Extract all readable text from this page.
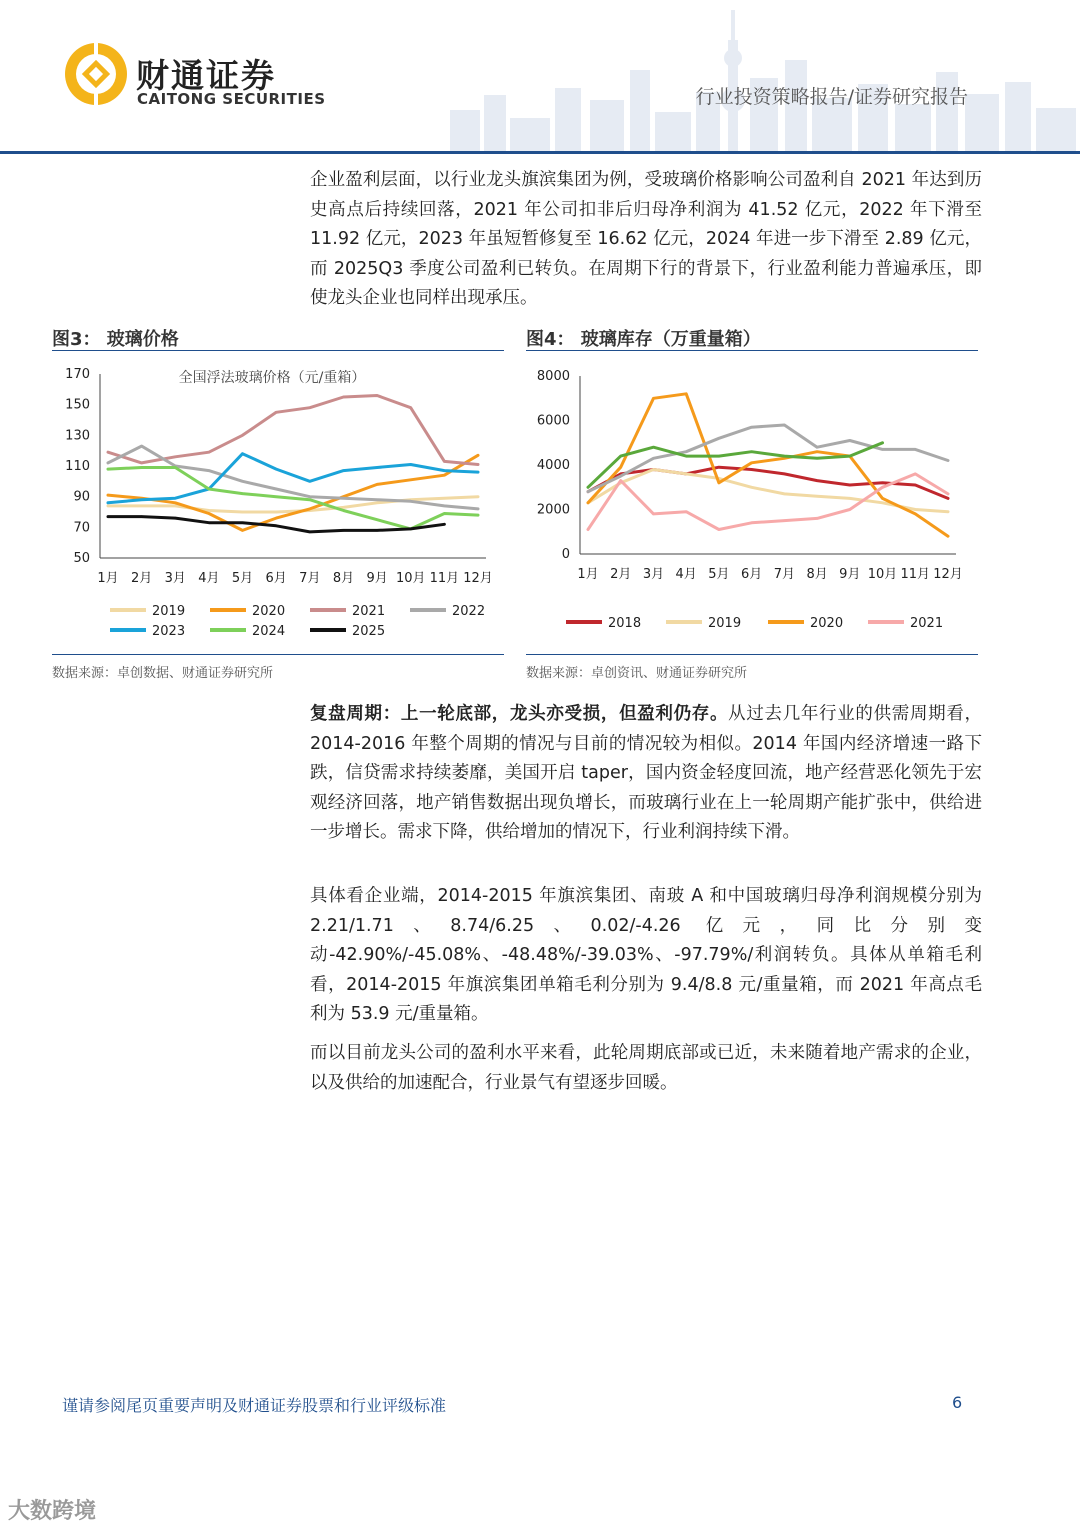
财通证券
CAITONG SECURITIES	行业投资策略报告/证券研究报告
企业盈利层面，以行业龙头旗滨集团为例，受玻璃价格影响公司盈利自 2021 年达到历史高点后持续回落，2021 年公司扣非后归母净利润为 41.52 亿元，2022 年下滑至 11.92 亿元，2023 年虽短暂修复至 16.62 亿元，2024 年进一步下滑至 2.89 亿元，而 2025Q3 季度公司盈利已转负。在周期下行的背景下，行业盈利能力普遍承压，即使龙头企业也同样出现承压。
图3： 玻璃价格
50
70
90
110
130
150
170
1月 2月 3月 4月 5月 6月 7月 8月 9月 10月 11月 12月
全国浮法玻璃价格（元/重箱）
2019	2020	2021	2022
2023	2024	2025
数据来源：卓创数据、财通证券研究所
图4： 玻璃库存（万重量箱）
0
2000
4000
6000
8000
1月 2月 3月 4月 5月 6月 7月 8月 9月 10月 11月 12月
2018	2019	2020	2021
数据来源：卓创资讯、财通证券研究所
复盘周期：上一轮底部，龙头亦受损，但盈利仍存。从过去几年行业的供需周期看，2014-2016 年整个周期的情况与目前的情况较为相似。2014 年国内经济增速一路下跌，信贷需求持续萎靡，美国开启 taper，国内资金轻度回流，地产经营恶化领先于宏观经济回落，地产销售数据出现负增长，而玻璃行业在上一轮周期产能扩张中，供给进一步增长。需求下降，供给增加的情况下，行业利润持续下滑。
具体看企业端，2014-2015 年旗滨集团、南玻 A 和中国玻璃归母净利润规模分别为 2.21/1.71、8.74/6.25、0.02/-4.26 亿元，同比分别变动-42.90%/-45.08%、-48.48%/-39.03%、-97.79%/利润转负。具体从单箱毛利看，2014-2015 年旗滨集团单箱毛利分别为 9.4/8.8 元/重量箱，而 2021 年高点毛利为 53.9 元/重量箱。
而以目前龙头公司的盈利水平来看，此轮周期底部或已近，未来随着地产需求的企业，以及供给的加速配合，行业景气有望逐步回暖。
谨请参阅尾页重要声明及财通证券股票和行业评级标准	6
大数跨境
